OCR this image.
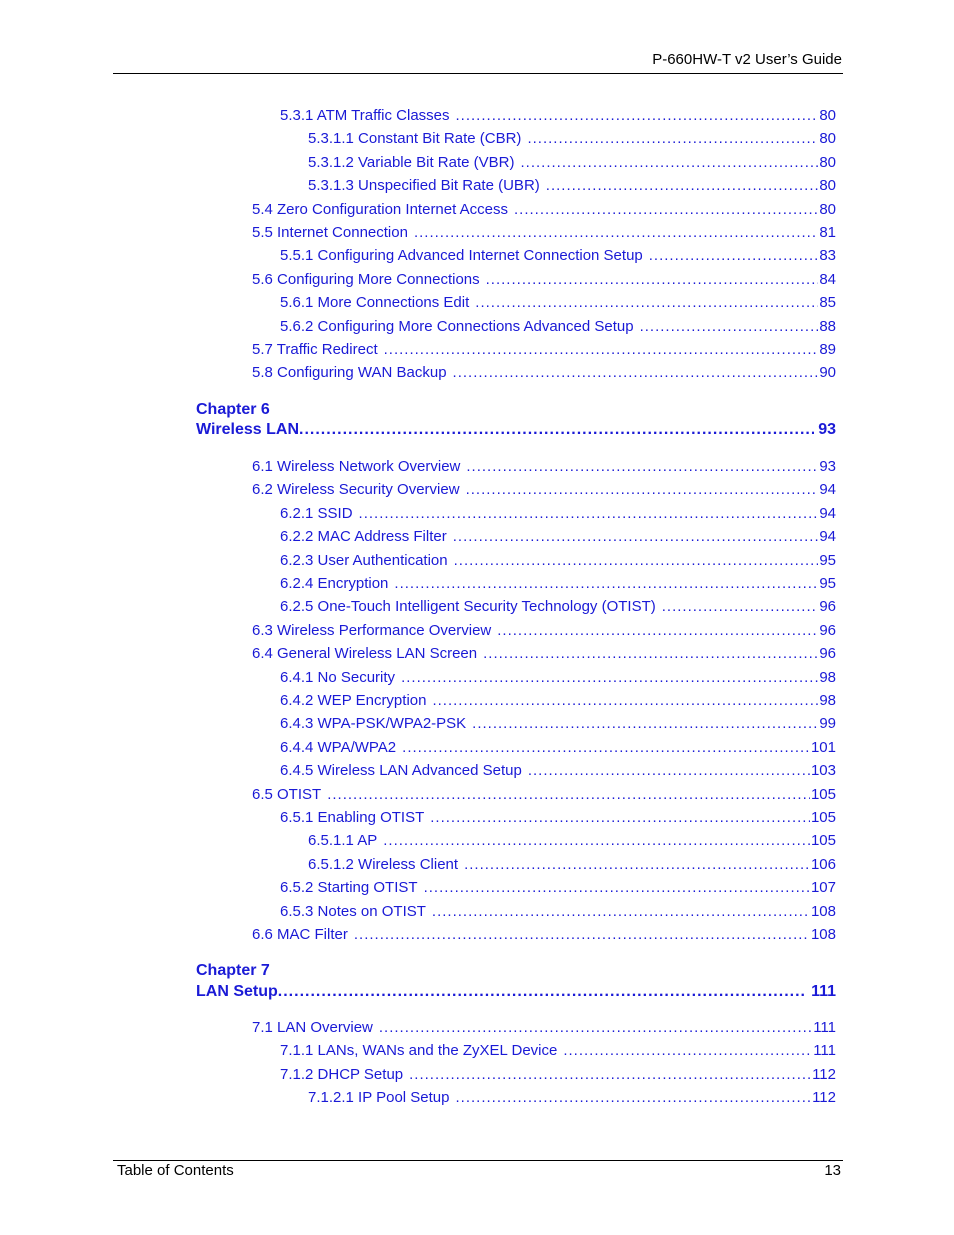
P-660HW-T v2 User’s Guide
5.3.1 ATM Traffic Classes .....	80
5.3.1.1 Constant Bit Rate (CBR) .....	80
5.3.1.2 Variable Bit Rate (VBR) .....	80
5.3.1.3 Unspecified Bit Rate (UBR) .....	80
5.4 Zero Configuration Internet Access .....	80
5.5 Internet Connection .....	81
5.5.1 Configuring Advanced Internet Connection Setup .....	83
5.6 Configuring More Connections .....	84
5.6.1 More Connections Edit .....	85
5.6.2 Configuring More Connections Advanced Setup .....	88
5.7 Traffic Redirect .....	89
5.8 Configuring WAN Backup .....	90
Chapter 6
Wireless LAN .....	93
6.1 Wireless Network Overview .....	93
6.2 Wireless Security Overview .....	94
6.2.1 SSID .....	94
6.2.2 MAC Address Filter .....	94
6.2.3 User Authentication .....	95
6.2.4 Encryption .....	95
6.2.5 One-Touch Intelligent Security Technology (OTIST) .....	96
6.3 Wireless Performance Overview .....	96
6.4 General Wireless LAN Screen .....	96
6.4.1 No Security .....	98
6.4.2 WEP Encryption .....	98
6.4.3 WPA-PSK/WPA2-PSK .....	99
6.4.4 WPA/WPA2 .....	101
6.4.5 Wireless LAN Advanced Setup .....	103
6.5 OTIST .....	105
6.5.1 Enabling OTIST .....	105
6.5.1.1 AP .....	105
6.5.1.2 Wireless Client .....	106
6.5.2 Starting OTIST .....	107
6.5.3 Notes on OTIST .....	108
6.6 MAC Filter .....	108
Chapter 7
LAN Setup .....	111
7.1 LAN Overview .....	111
7.1.1 LANs, WANs and the ZyXEL Device .....	111
7.1.2 DHCP Setup .....	112
7.1.2.1 IP Pool Setup .....	112
Table of Contents	13
